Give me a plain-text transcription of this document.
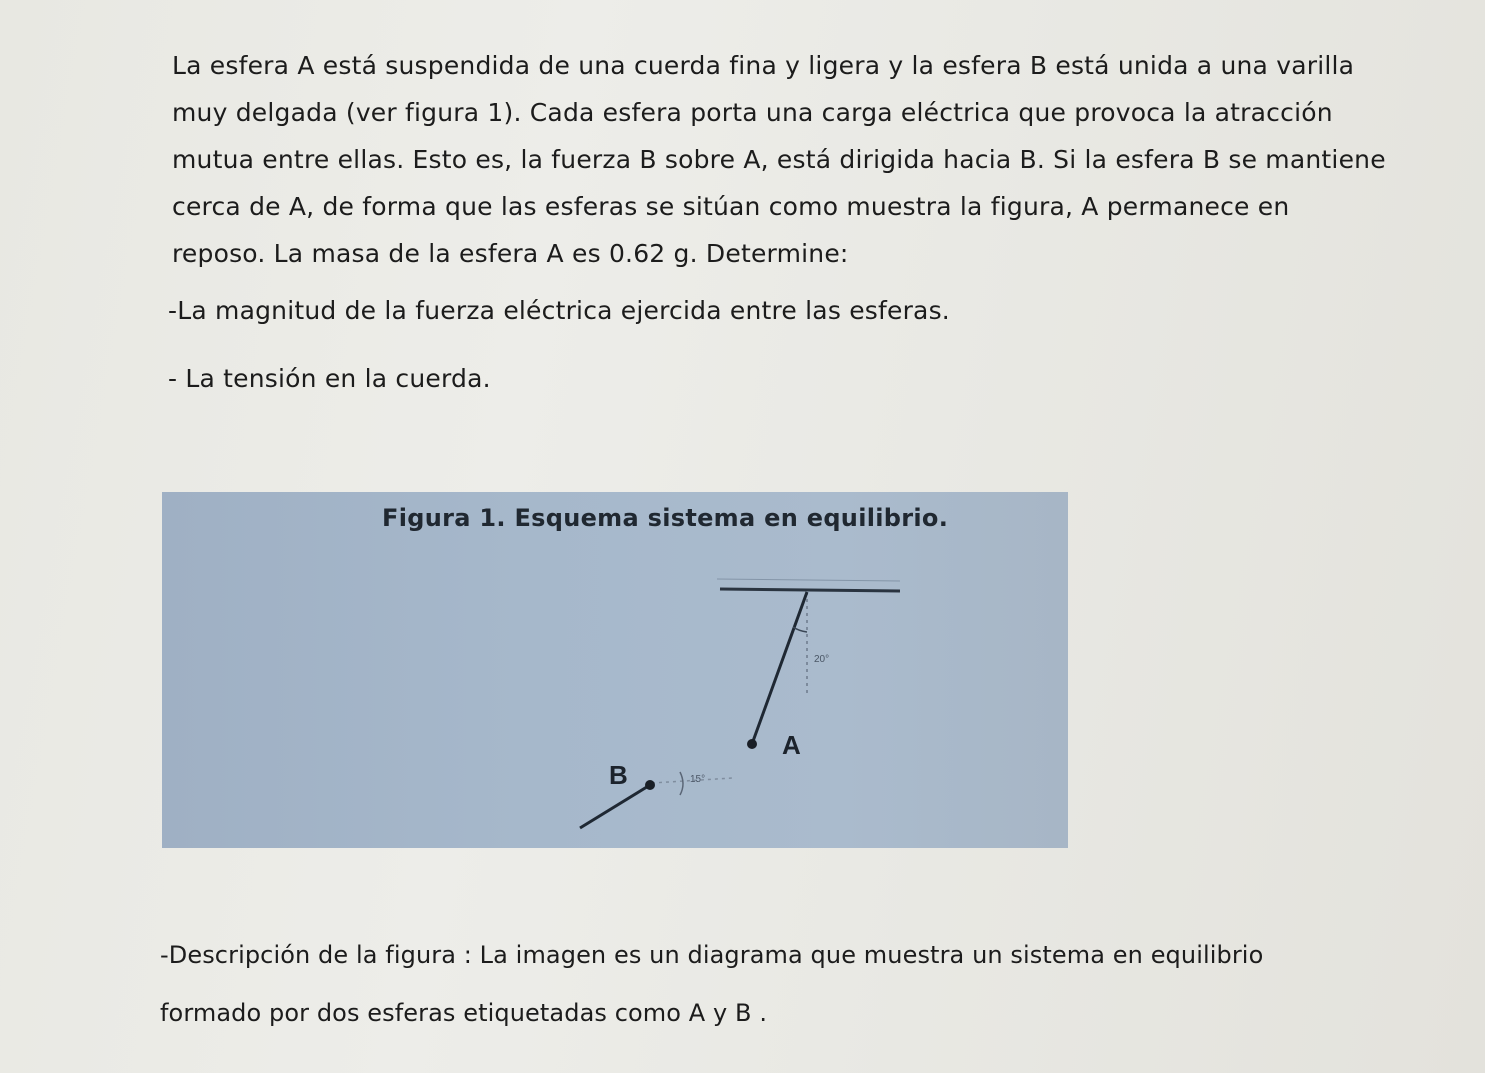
La esfera A está suspendida de una cuerda fina y ligera y la esfera B está unida a una varilla

muy delgada (ver figura 1). Cada esfera porta una carga eléctrica que provoca la atracción

mutua entre ellas. Esto es, la fuerza B sobre A, está dirigida hacia B. Si la esfera B se mantiene

cerca de A, de forma que las esferas se sitúan como muestra la figura, A permanece en

reposo. La masa de la esfera A es 0.62 g. Determine:

-La magnitud de la fuerza eléctrica ejercida entre las esferas.
- La tensión en la cuerda.
Figura 1. Esquema sistema en equilibrio.
20°
A
15°
B

-Descripción de la figura : La imagen es un diagrama que muestra un sistema en equilibrio

formado por dos esferas etiquetadas como A y B .
